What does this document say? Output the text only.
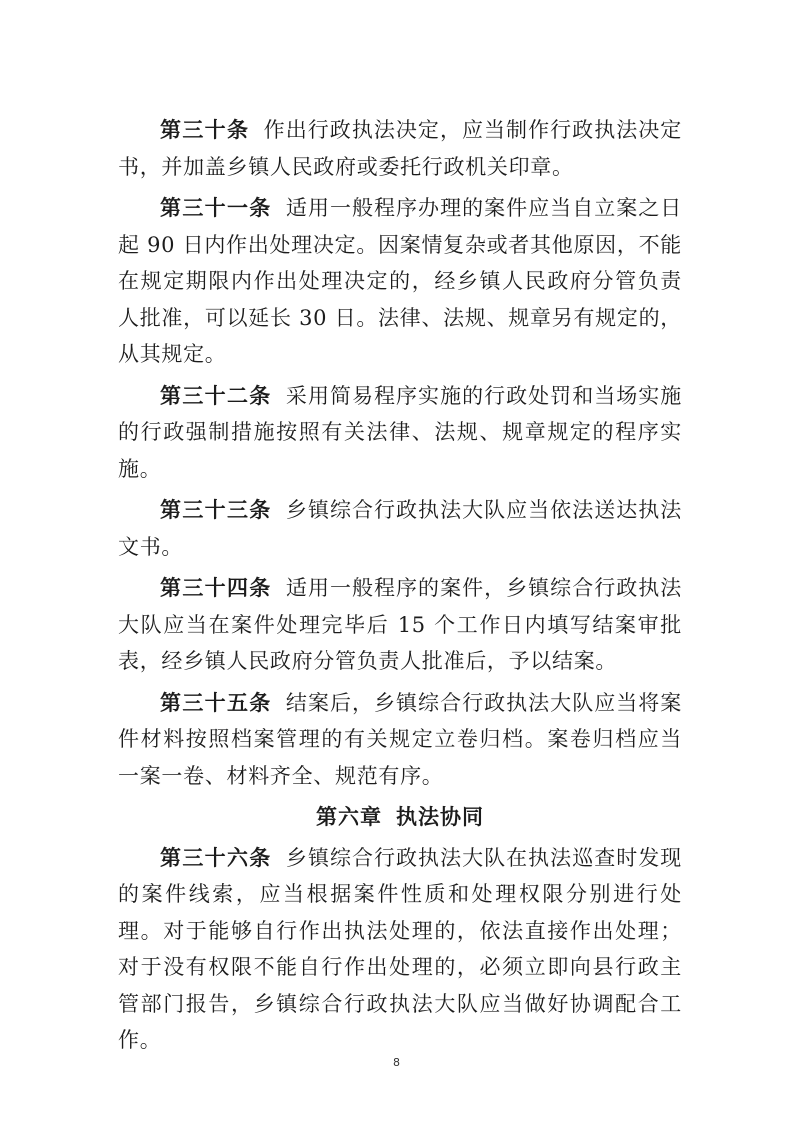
第三十条 作出行政执法决定，应当制作行政执法决定书，并加盖乡镇人民政府或委托行政机关印章。

第三十一条 适用一般程序办理的案件应当自立案之日起 90 日内作出处理决定。因案情复杂或者其他原因，不能在规定期限内作出处理决定的，经乡镇人民政府分管负责人批准，可以延长 30 日。法律、法规、规章另有规定的，从其规定。

第三十二条 采用简易程序实施的行政处罚和当场实施的行政强制措施按照有关法律、法规、规章规定的程序实施。

第三十三条 乡镇综合行政执法大队应当依法送达执法文书。

第三十四条 适用一般程序的案件，乡镇综合行政执法大队应当在案件处理完毕后 15 个工作日内填写结案审批表，经乡镇人民政府分管负责人批准后，予以结案。

第三十五条 结案后，乡镇综合行政执法大队应当将案件材料按照档案管理的有关规定立卷归档。案卷归档应当一案一卷、材料齐全、规范有序。

第六章 执法协同

第三十六条 乡镇综合行政执法大队在执法巡查时发现的案件线索，应当根据案件性质和处理权限分别进行处理。对于能够自行作出执法处理的，依法直接作出处理；对于没有权限不能自行作出处理的，必须立即向县行政主管部门报告，乡镇综合行政执法大队应当做好协调配合工作。

8
